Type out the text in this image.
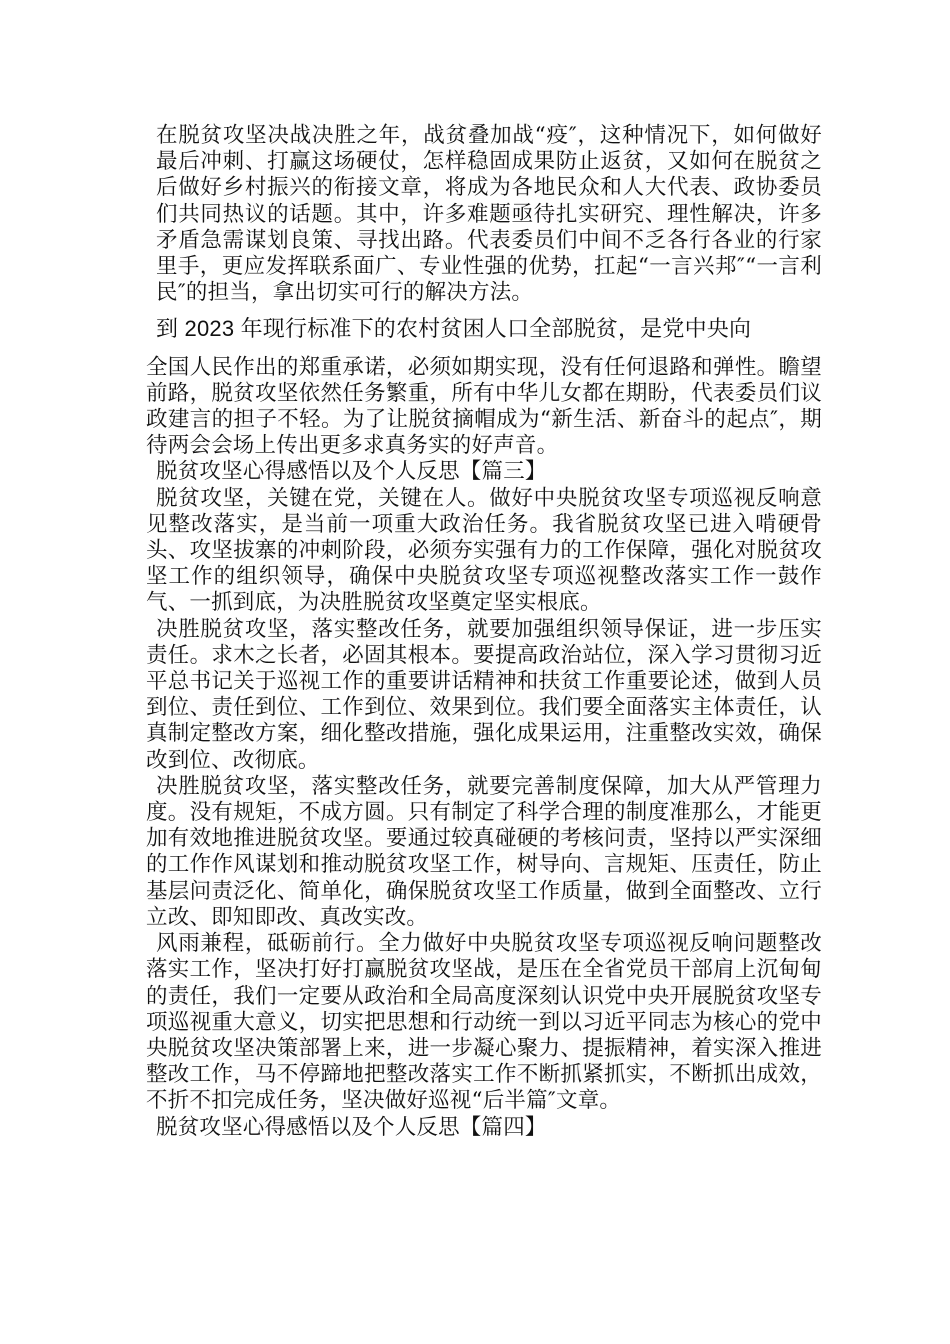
在脱贫攻坚决战决胜之年，战贫叠加战“疫″，这种情况下，如何做好最后冲刺、打赢这场硬仗，怎样稳固成果防止返贫，又如何在脱贫之后做好乡村振兴的衔接文章，将成为各地民众和人大代表、政协委员们共同热议的话题。其中，许多难题亟待扎实研究、理性解决，许多矛盾急需谋划良策、寻找出路。代表委员们中间不乏各行各业的行家里手，更应发挥联系面广、专业性强的优势，扛起“一言兴邦″“一言利民″的担当，拿出切实可行的解决方法。

到 2023 年现行标准下的农村贫困人口全部脱贫，是党中央向

全国人民作出的郑重承诺，必须如期实现，没有任何退路和弹性。瞻望前路，脱贫攻坚依然任务繁重，所有中华儿女都在期盼，代表委员们议政建言的担子不轻。为了让脱贫摘帽成为“新生活、新奋斗的起点″，期待两会会场上传出更多求真务实的好声音。

脱贫攻坚心得感悟以及个人反思【篇三】

脱贫攻坚，关键在党，关键在人。做好中央脱贫攻坚专项巡视反响意见整改落实，是当前一项重大政治任务。我省脱贫攻坚已进入啃硬骨头、攻坚拔寨的冲刺阶段，必须夯实强有力的工作保障，强化对脱贫攻坚工作的组织领导，确保中央脱贫攻坚专项巡视整改落实工作一鼓作气、一抓到底，为决胜脱贫攻坚奠定坚实根底。

决胜脱贫攻坚，落实整改任务，就要加强组织领导保证，进一步压实责任。求木之长者，必固其根本。要提高政治站位，深入学习贯彻习近平总书记关于巡视工作的重要讲话精神和扶贫工作重要论述，做到人员到位、责任到位、工作到位、效果到位。我们要全面落实主体责任，认真制定整改方案，细化整改措施，强化成果运用，注重整改实效，确保改到位、改彻底。

决胜脱贫攻坚，落实整改任务，就要完善制度保障，加大从严管理力度。没有规矩，不成方圆。只有制定了科学合理的制度准那么，才能更加有效地推进脱贫攻坚。要通过较真碰硬的考核问责，坚持以严实深细的工作作风谋划和推动脱贫攻坚工作，树导向、言规矩、压责任，防止基层问责泛化、简单化，确保脱贫攻坚工作质量，做到全面整改、立行立改、即知即改、真改实改。

风雨兼程，砥砺前行。全力做好中央脱贫攻坚专项巡视反响问题整改落实工作，坚决打好打赢脱贫攻坚战，是压在全省党员干部肩上沉甸甸的责任，我们一定要从政治和全局高度深刻认识党中央开展脱贫攻坚专项巡视重大意义，切实把思想和行动统一到以习近平同志为核心的党中央脱贫攻坚决策部署上来，进一步凝心聚力、提振精神，着实深入推进整改工作，马不停蹄地把整改落实工作不断抓紧抓实，不断抓出成效，不折不扣完成任务，坚决做好巡视“后半篇″文章。

脱贫攻坚心得感悟以及个人反思【篇四】
